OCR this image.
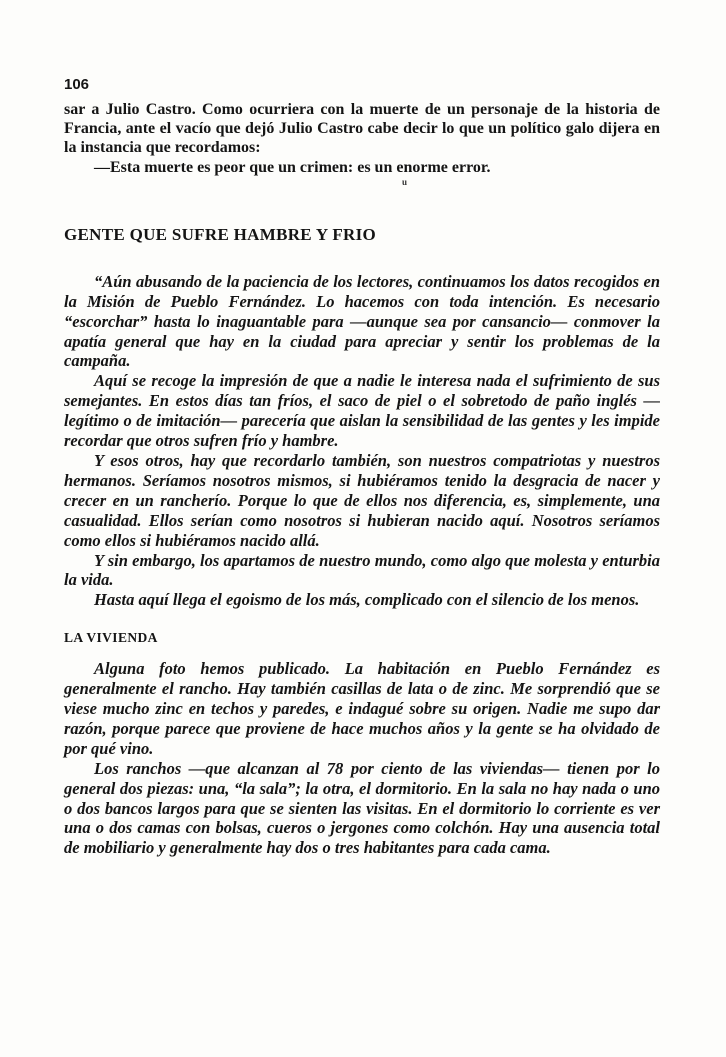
106

sar a Julio Castro. Como ocurriera con la muerte de un personaje de la historia de Francia, ante el vacío que dejó Julio Castro cabe decir lo que un político galo dijera en la instancia que recordamos:

—Esta muerte es peor que un crimen: es un enorme error.

u
GENTE QUE SUFRE HAMBRE Y FRIO

“Aún abusando de la paciencia de los lectores, continuamos los datos recogidos en la Misión de Pueblo Fernández. Lo hacemos con toda intención. Es necesario “escorchar” hasta lo inaguantable para —aunque sea por cansancio— conmover la apatía general que hay en la ciudad para apreciar y sentir los problemas de la campaña.

Aquí se recoge la impresión de que a nadie le interesa nada el sufrimiento de sus semejantes. En estos días tan fríos, el saco de piel o el sobretodo de paño inglés —legítimo o de imitación— parecería que aislan la sensibilidad de las gentes y les impide recordar que otros sufren frío y hambre.

Y esos otros, hay que recordarlo también, son nuestros compatriotas y nuestros hermanos. Seríamos nosotros mismos, si hubiéramos tenido la desgracia de nacer y crecer en un rancherío. Porque lo que de ellos nos diferencia, es, simplemente, una casualidad. Ellos serían como nosotros si hubieran nacido aquí. Nosotros seríamos como ellos si hubiéramos nacido allá.

Y sin embargo, los apartamos de nuestro mundo, como algo que molesta y enturbia la vida.

Hasta aquí llega el egoismo de los más, complicado con el silencio de los menos.

LA VIVIENDA

Alguna foto hemos publicado. La habitación en Pueblo Fernández es generalmente el rancho. Hay también casillas de lata o de zinc. Me sorprendió que se viese mucho zinc en techos y paredes, e indagué sobre su origen. Nadie me supo dar razón, porque parece que proviene de hace muchos años y la gente se ha olvidado de por qué vino.

Los ranchos —que alcanzan al 78 por ciento de las viviendas— tienen por lo general dos piezas: una, “la sala”; la otra, el dormitorio. En la sala no hay nada o uno o dos bancos largos para que se sienten las visitas. En el dormitorio lo corriente es ver una o dos camas con bolsas, cueros o jergones como colchón. Hay una ausencia total de mobiliario y generalmente hay dos o tres habitantes para cada cama.
